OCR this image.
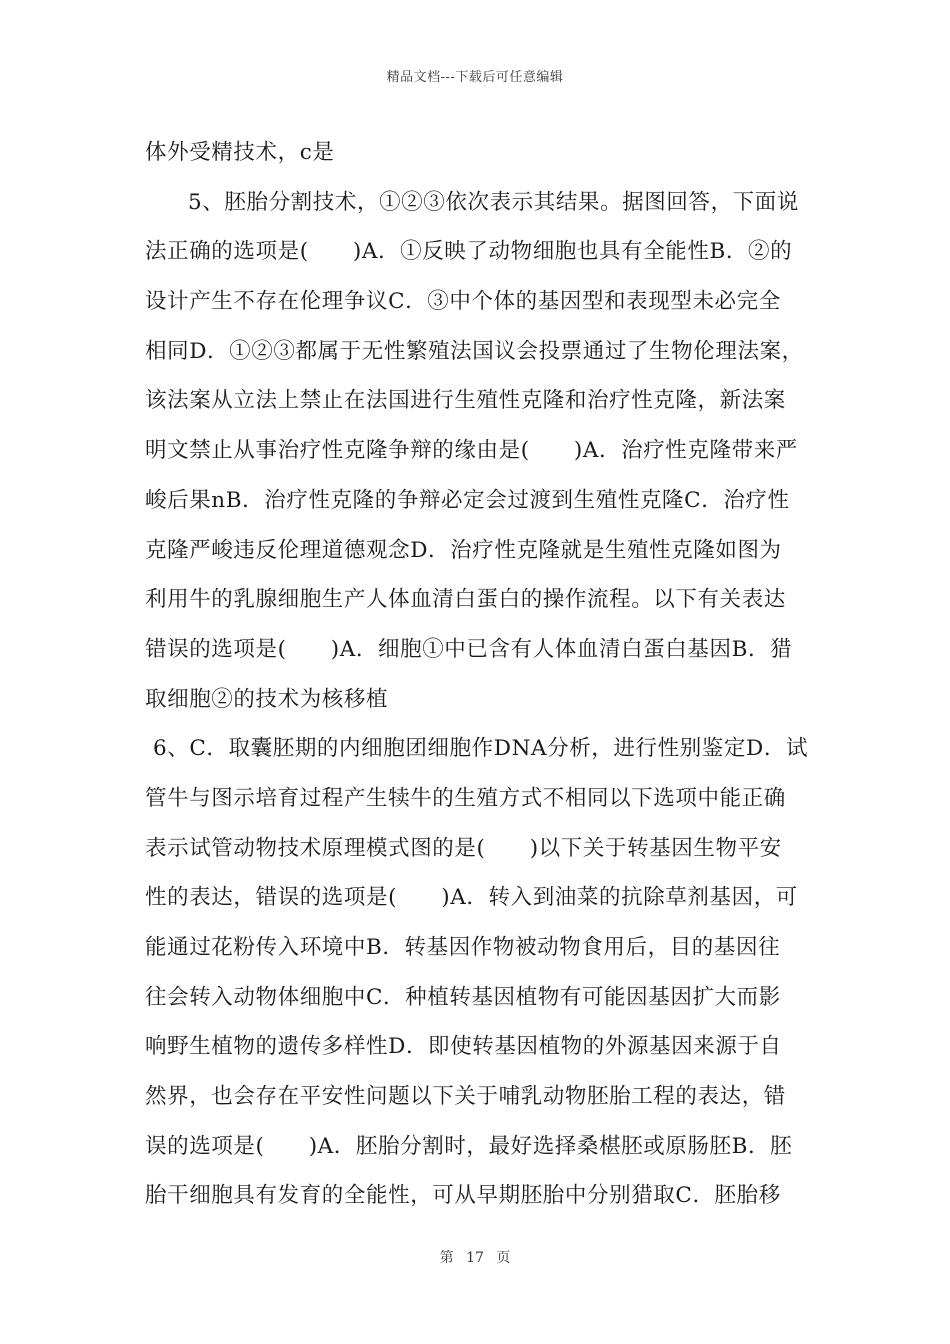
精品文档---下载后可任意编辑
体外受精技术，c是
5、胚胎分割技术，①②③依次表示其结果。据图回答，下面说
法正确的选项是(　　)A．①反映了动物细胞也具有全能性B．②的
设计产生不存在伦理争议C．③中个体的基因型和表现型未必完全
相同D．①②③都属于无性繁殖法国议会投票通过了生物伦理法案，
该法案从立法上禁止在法国进行生殖性克隆和治疗性克隆，新法案
明文禁止从事治疗性克隆争辩的缘由是(　　)A．治疗性克隆带来严
峻后果nB．治疗性克隆的争辩必定会过渡到生殖性克隆C．治疗性
克隆严峻违反伦理道德观念D．治疗性克隆就是生殖性克隆如图为
利用牛的乳腺细胞生产人体血清白蛋白的操作流程。以下有关表达
错误的选项是(　　)A．细胞①中已含有人体血清白蛋白基因B．猎
取细胞②的技术为核移植
6、C．取囊胚期的内细胞团细胞作DNA分析，进行性别鉴定D．试
管牛与图示培育过程产生犊牛的生殖方式不相同以下选项中能正确
表示试管动物技术原理模式图的是(　　)以下关于转基因生物平安
性的表达，错误的选项是(　　)A．转入到油菜的抗除草剂基因，可
能通过花粉传入环境中B．转基因作物被动物食用后，目的基因往
往会转入动物体细胞中C．种植转基因植物有可能因基因扩大而影
响野生植物的遗传多样性D．即使转基因植物的外源基因来源于自
然界，也会存在平安性问题以下关于哺乳动物胚胎工程的表达，错
误的选项是(　　)A．胚胎分割时，最好选择桑椹胚或原肠胚B．胚
胎干细胞具有发育的全能性，可从早期胚胎中分别猎取C．胚胎移
第 17 页
